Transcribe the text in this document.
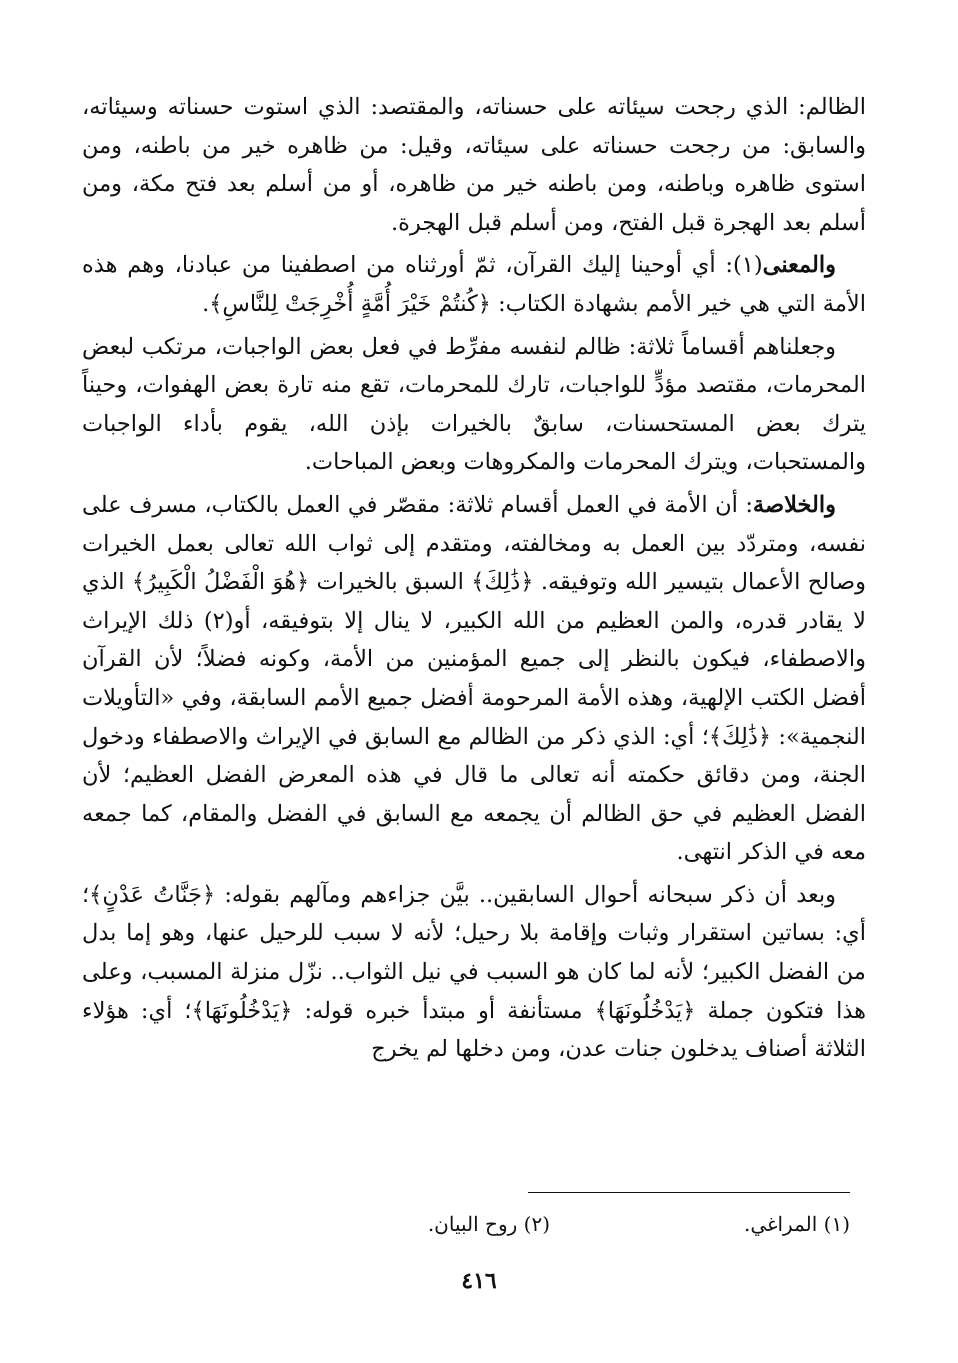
الظالم: الذي رجحت سيئاته على حسناته، والمقتصد: الذي استوت حسناته وسيئاته، والسابق: من رجحت حسناته على سيئاته، وقيل: من ظاهره خير من باطنه، ومن استوى ظاهره وباطنه، ومن باطنه خير من ظاهره، أو من أسلم بعد فتح مكة، ومن أسلم بعد الهجرة قبل الفتح، ومن أسلم قبل الهجرة.

والمعنى(١): أي أوحينا إليك القرآن، ثمّ أورثناه من اصطفينا من عبادنا، وهم هذه الأمة التي هي خير الأمم بشهادة الكتاب: ﴿كُنتُمْ خَيْرَ أُمَّةٍ أُخْرِجَتْ لِلنَّاسِ﴾.

وجعلناهم أقساماً ثلاثة: ظالم لنفسه مفرِّط في فعل بعض الواجبات، مرتكب لبعض المحرمات، مقتصد مؤدٍّ للواجبات، تارك للمحرمات، تقع منه تارة بعض الهفوات، وحيناً يترك بعض المستحسنات، سابقٌ بالخيرات بإذن الله، يقوم بأداء الواجبات والمستحبات، ويترك المحرمات والمكروهات وبعض المباحات.

والخلاصة: أن الأمة في العمل أقسام ثلاثة: مقصّر في العمل بالكتاب، مسرف على نفسه، ومتردّد بين العمل به ومخالفته، ومتقدم إلى ثواب الله تعالى بعمل الخيرات وصالح الأعمال بتيسير الله وتوفيقه. ﴿ذَٰلِكَ﴾ السبق بالخيرات ﴿هُوَ الْفَضْلُ الْكَبِيرُ﴾ الذي لا يقادر قدره، والمن العظيم من الله الكبير، لا ينال إلا بتوفيقه، أو(٢) ذلك الإيراث والاصطفاء، فيكون بالنظر إلى جميع المؤمنين من الأمة، وكونه فضلاً؛ لأن القرآن أفضل الكتب الإلهية، وهذه الأمة المرحومة أفضل جميع الأمم السابقة، وفي «التأويلات النجمية»: ﴿ذَٰلِكَ﴾؛ أي: الذي ذكر من الظالم مع السابق في الإيراث والاصطفاء ودخول الجنة، ومن دقائق حكمته أنه تعالى ما قال في هذه المعرض الفضل العظيم؛ لأن الفضل العظيم في حق الظالم أن يجمعه مع السابق في الفضل والمقام، كما جمعه معه في الذكر انتهى.

وبعد أن ذكر سبحانه أحوال السابقين.. بيَّن جزاءهم ومآلهم بقوله: ﴿جَنَّاتُ عَدْنٍ﴾؛ أي: بساتين استقرار وثبات وإقامة بلا رحيل؛ لأنه لا سبب للرحيل عنها، وهو إما بدل من الفضل الكبير؛ لأنه لما كان هو السبب في نيل الثواب.. نزّل منزلة المسبب، وعلى هذا فتكون جملة ﴿يَدْخُلُونَهَا﴾ مستأنفة أو مبتدأ خبره قوله: ﴿يَدْخُلُونَهَا﴾؛ أي: هؤلاء الثلاثة أصناف يدخلون جنات عدن، ومن دخلها لم يخرج

(١) المراغي.(٢) روح البيان.
٤١٦
